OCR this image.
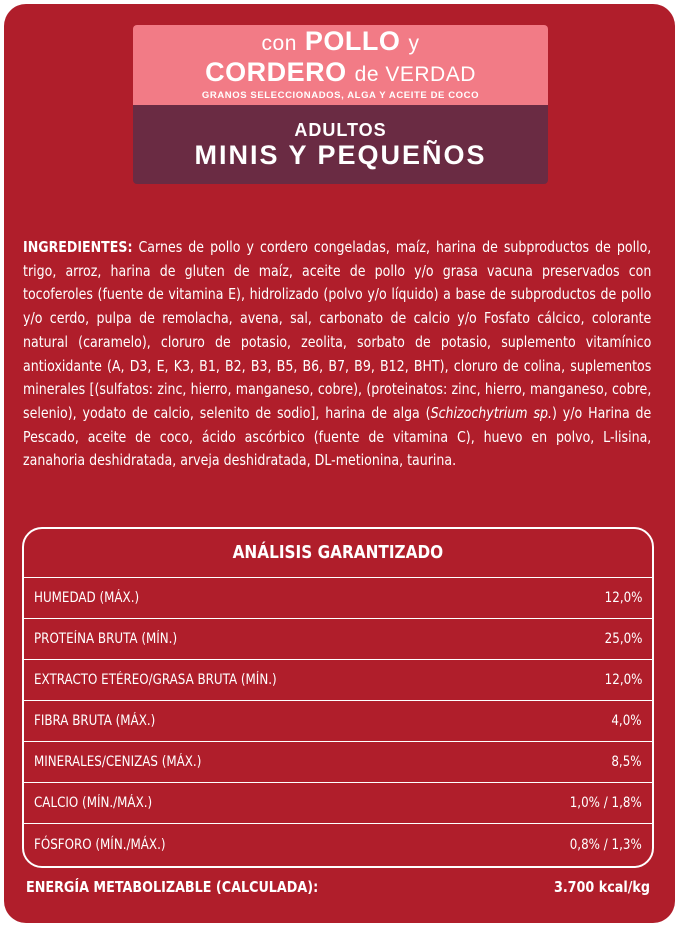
con POLLO y
CORDERO de VERDAD
GRANOS SELECCIONADOS, ALGA Y ACEITE DE COCO
ADULTOS
MINIS Y PEQUEÑOS
INGREDIENTES: Carnes de pollo y cordero congeladas, maíz, harina de subproductos de pollo, trigo, arroz, harina de gluten de maíz, aceite de pollo y/o grasa vacuna preservados con tocoferoles (fuente de vitamina E), hidrolizado (polvo y/o líquido) a base de subproductos de pollo y/o cerdo, pulpa de remolacha, avena, sal, carbonato de calcio y/o Fosfato cálcico, colorante natural (caramelo), cloruro de potasio, zeolita, sorbato de potasio, suplemento vitamínico antioxidante (A, D3, E, K3, B1, B2, B3, B5, B6, B7, B9, B12, BHT), cloruro de colina, suplementos minerales [(sulfatos: zinc, hierro, manganeso, cobre), (proteinatos: zinc, hierro, manganeso, cobre, selenio), yodato de calcio, selenito de sodio], harina de alga (Schizochytrium sp.) y/o Harina de Pescado, aceite de coco, ácido ascórbico (fuente de vitamina C), huevo en polvo, L-lisina, zanahoria deshidratada, arveja deshidratada, DL-metionina, taurina.
ANÁLISIS GARANTIZADO
HUMEDAD (MÁX.)	12,0%
PROTEÍNA BRUTA (MÍN.)	25,0%
EXTRACTO ETÉREO/GRASA BRUTA (MÍN.)	12,0%
FIBRA BRUTA (MÁX.)	4,0%
MINERALES/CENIZAS (MÁX.)	8,5%
CALCIO (MÍN./MÁX.)	1,0% / 1,8%
FÓSFORO (MÍN./MÁX.)	0,8% / 1,3%
ENERGÍA METABOLIZABLE (CALCULADA):	3.700 kcal/kg
